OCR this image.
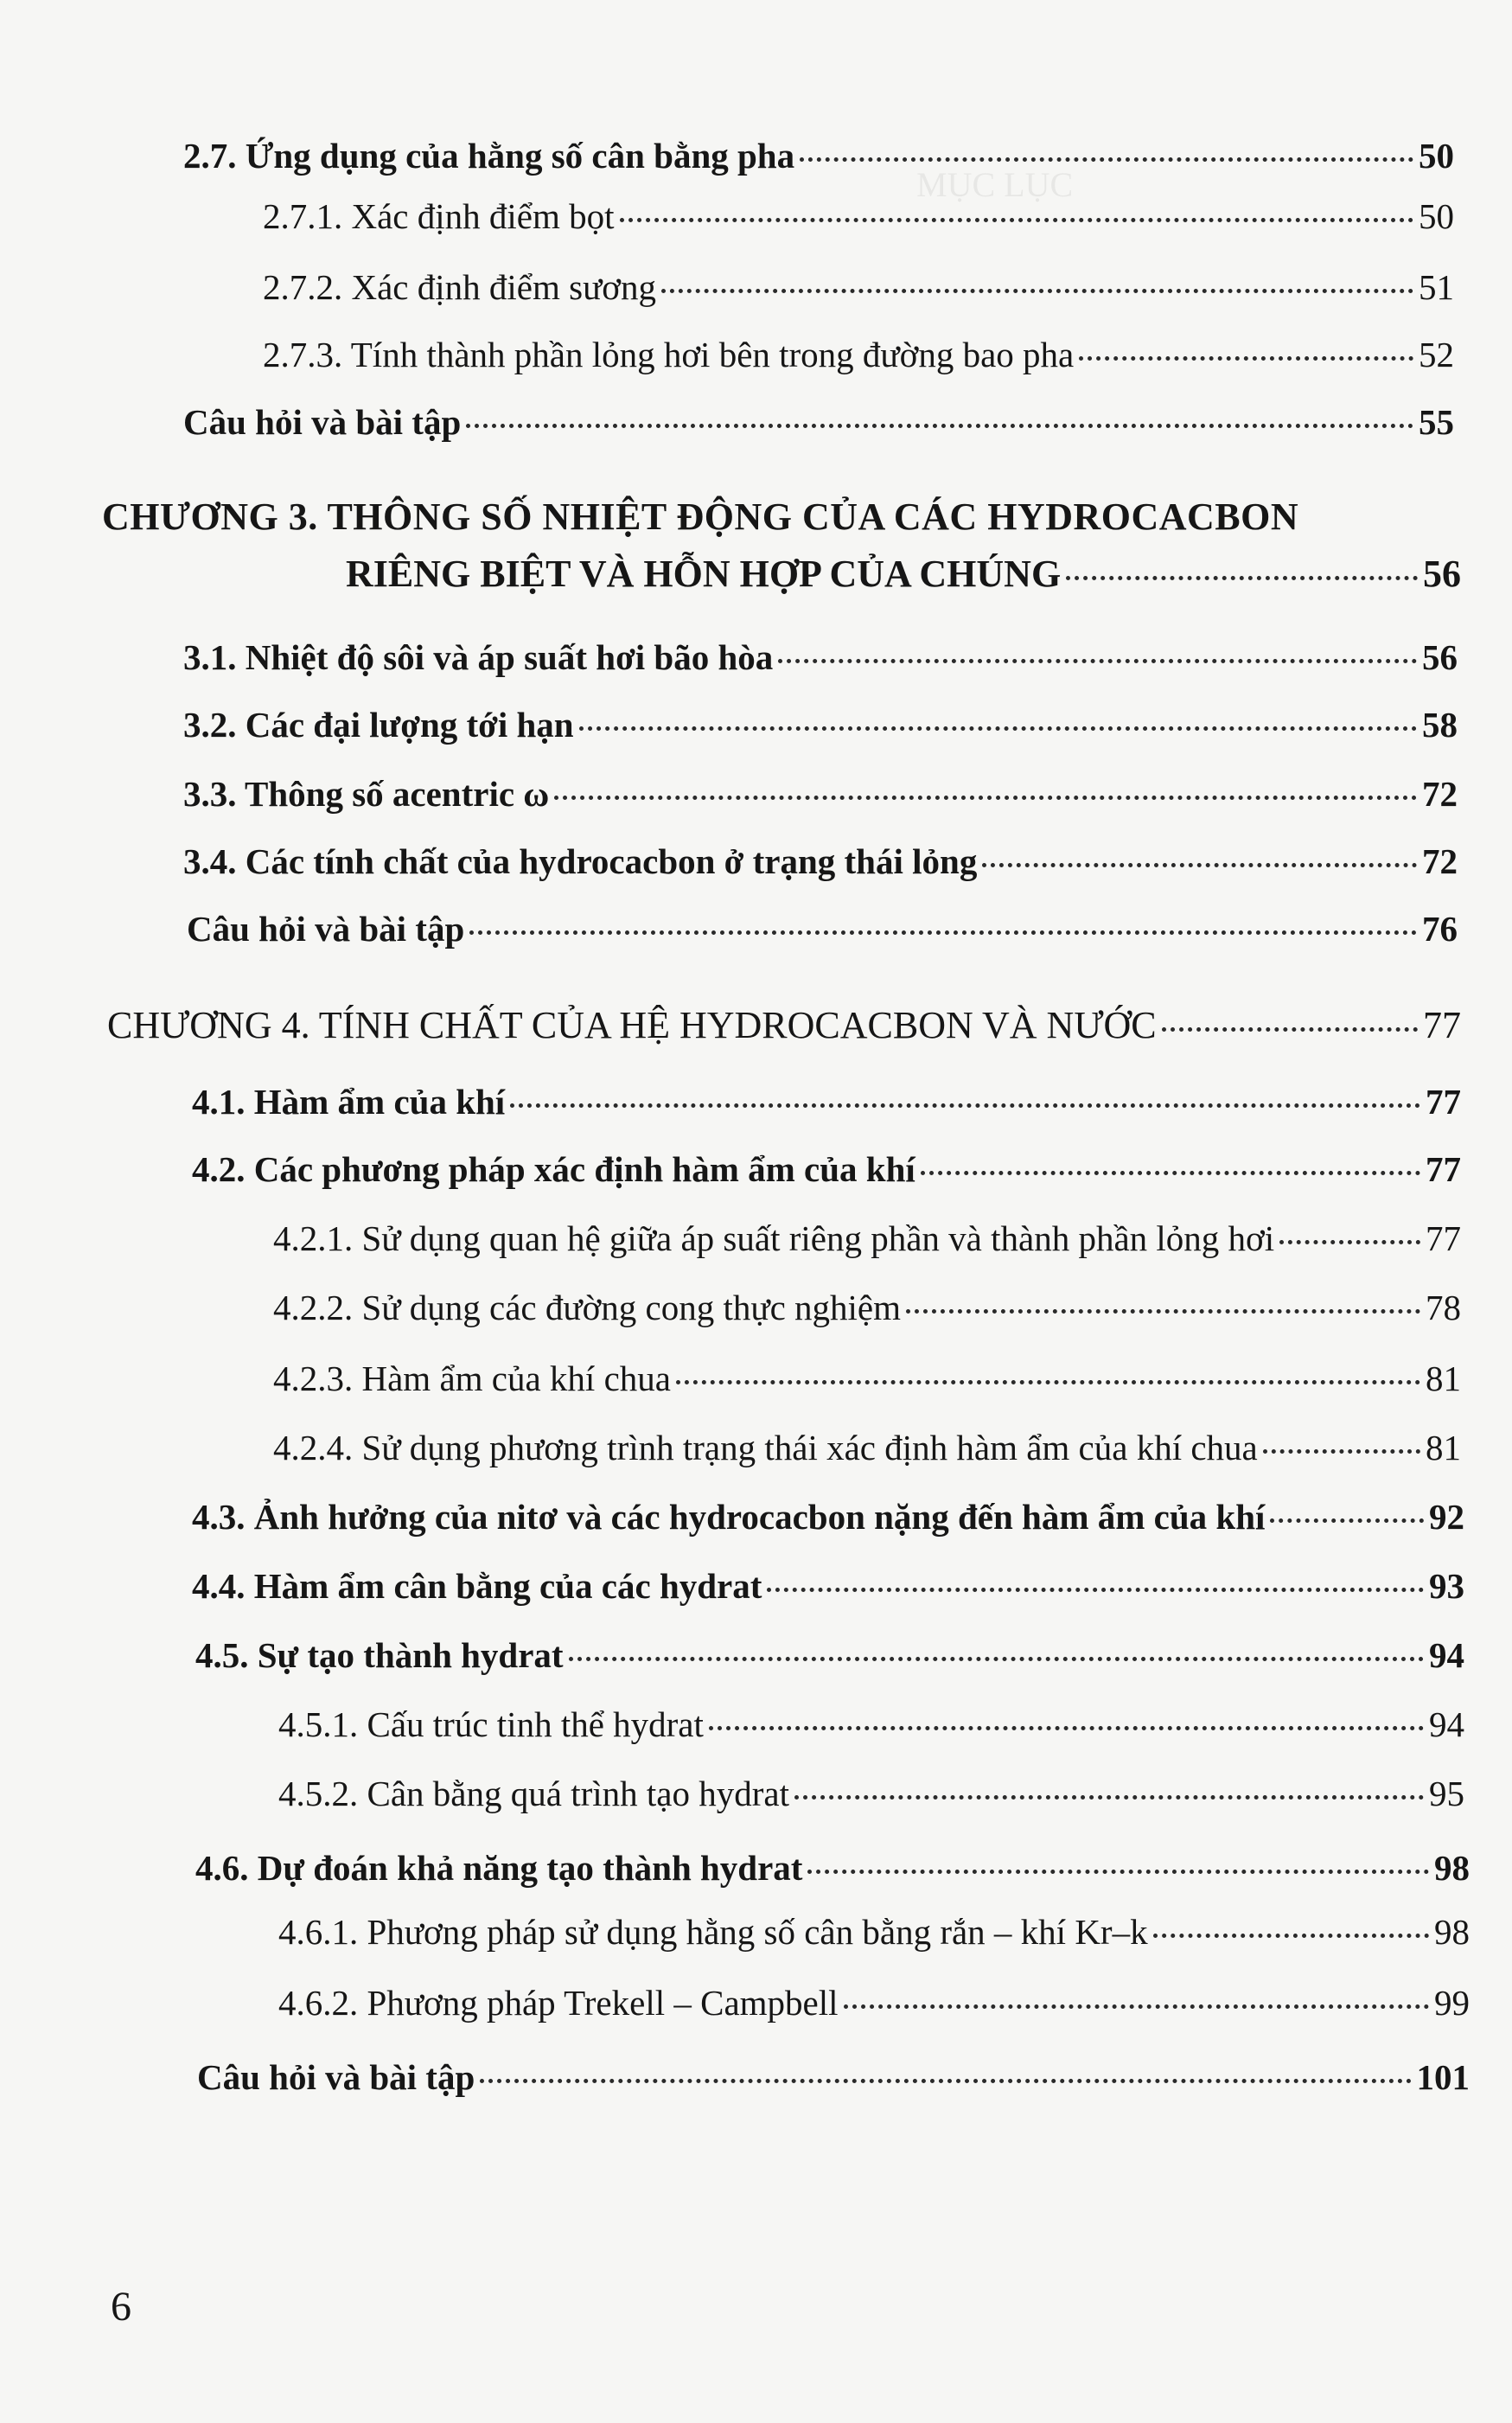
MỤC LỤC
2.7. Ứng dụng của hằng số cân bằng pha	50
2.7.1. Xác định điểm bọt	50
2.7.2. Xác định điểm sương	51
2.7.3. Tính thành phần lỏng hơi bên trong đường bao pha	52
Câu hỏi và bài tập	55
CHƯƠNG 3. THÔNG SỐ NHIỆT ĐỘNG CỦA CÁC HYDROCACBON
RIÊNG BIỆT VÀ HỖN HỢP CỦA CHÚNG	56
3.1. Nhiệt độ sôi và áp suất hơi bão hòa	56
3.2. Các đại lượng tới hạn	58
3.3. Thông số acentric ω	72
3.4. Các tính chất của hydrocacbon ở trạng thái lỏng	72
Câu hỏi và bài tập	76
CHƯƠNG 4. TÍNH CHẤT CỦA HỆ HYDROCACBON VÀ NƯỚC	77
4.1. Hàm ẩm của khí	77
4.2. Các phương pháp xác định hàm ẩm của khí	77
4.2.1. Sử dụng quan hệ giữa áp suất riêng phần và thành phần lỏng hơi	77
4.2.2. Sử dụng các đường cong thực nghiệm	78
4.2.3. Hàm ẩm của khí chua	81
4.2.4. Sử dụng phương trình trạng thái xác định hàm ẩm của khí chua	81
4.3. Ảnh hưởng của nitơ và các hydrocacbon nặng đến hàm ẩm của khí	92
4.4. Hàm ẩm cân bằng của các hydrat	93
4.5. Sự tạo thành hydrat	94
4.5.1. Cấu trúc tinh thể hydrat	94
4.5.2. Cân bằng quá trình tạo hydrat	95
4.6. Dự đoán khả năng tạo thành hydrat	98
4.6.1. Phương pháp sử dụng hằng số cân bằng rắn – khí Kr–k	98
4.6.2. Phương pháp Trekell – Campbell	99
Câu hỏi và bài tập	101
6
